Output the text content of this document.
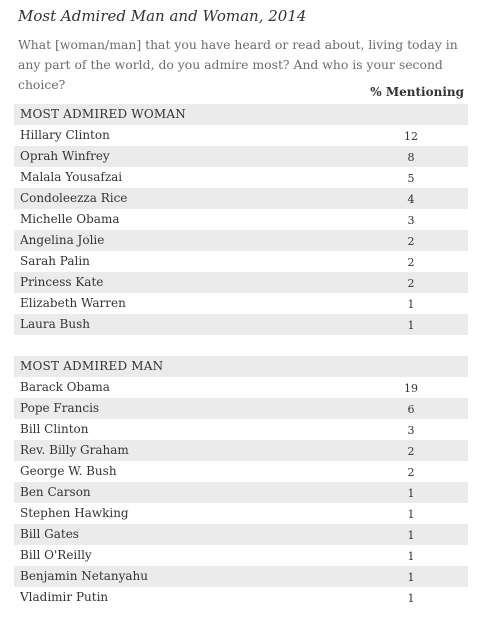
Most Admired Man and Woman, 2014
What [woman/man] that you have heard or read about, living today in any part of the world, do you admire most? And who is your second choice?	% Mentioning
MOST ADMIRED WOMAN
Hillary Clinton	12
Oprah Winfrey	8
Malala Yousafzai	5
Condoleezza Rice	4
Michelle Obama	3
Angelina Jolie	2
Sarah Palin	2
Princess Kate	2
Elizabeth Warren	1
Laura Bush	1
MOST ADMIRED MAN
Barack Obama	19
Pope Francis	6
Bill Clinton	3
Rev. Billy Graham	2
George W. Bush	2
Ben Carson	1
Stephen Hawking	1
Bill Gates	1
Bill O'Reilly	1
Benjamin Netanyahu	1
Vladimir Putin	1
